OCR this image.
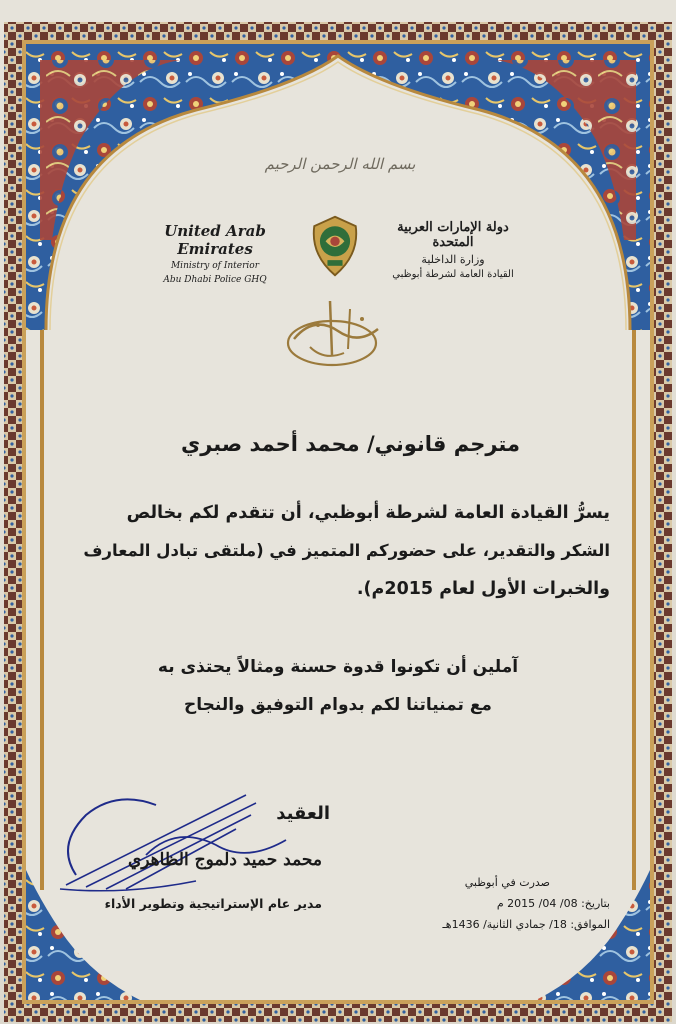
بسم الله الرحمن الرحيم
United Arab Emirates
Ministry of Interior
Abu Dhabi Police GHQ
دولة الإمارات العربية المتحدة
وزارة الداخلية
القيادة العامة لشرطة أبوظبي
مترجم قانوني/ محمد أحمد صبري
يسرُّ القيادة العامة لشرطة أبوظبي، أن تتقدم لكم بخالص
الشكر والتقدير، على حضوركم المتميز في (ملتقى تبادل المعارف
والخبرات الأول لعام 2015م).
آملين أن تكونوا قدوة حسنة ومثالاً يحتذى به
مع تمنياتنا لكم بدوام التوفيق والنجاح
العقيد
محمد حميد دلموج الظاهري
مدير عام الإستراتيجية وتطوير الأداء
صدرت في أبوظبي
بتاريخ: 08/ 04/ 2015 م
الموافق: 18/ جمادي الثانية/ 1436هـ
